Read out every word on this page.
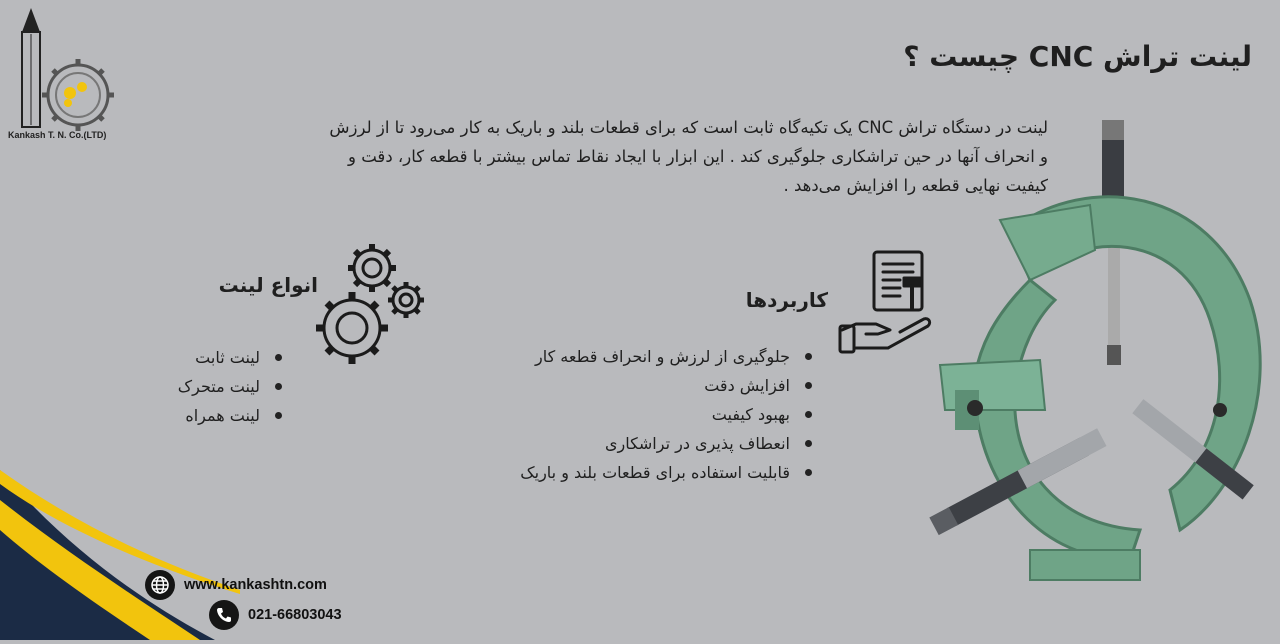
Kankash T. N. Co.(LTD)
لینت تراش CNC چیست ؟

لینت در دستگاه تراش CNC یک تکیه‌گاه ثابت است که برای قطعات بلند و باریک به کار می‌رود تا از لرزش و انحراف آنها در حین تراشکاری جلوگیری کند . این ابزار با ایجاد نقاط تماس بیشتر با قطعه کار، دقت و کیفیت نهایی قطعه را افزایش می‌دهد .

انواع لینت
لینت ثابت
لینت متحرک
لینت همراه
کاربردها
جلوگیری از لرزش و انحراف قطعه کار
افزایش دقت
بهبود کیفیت
انعطاف پذیری در تراشکاری
قابلیت استفاده برای قطعات بلند و باریک
www.kankashtn.com
021-66803043
